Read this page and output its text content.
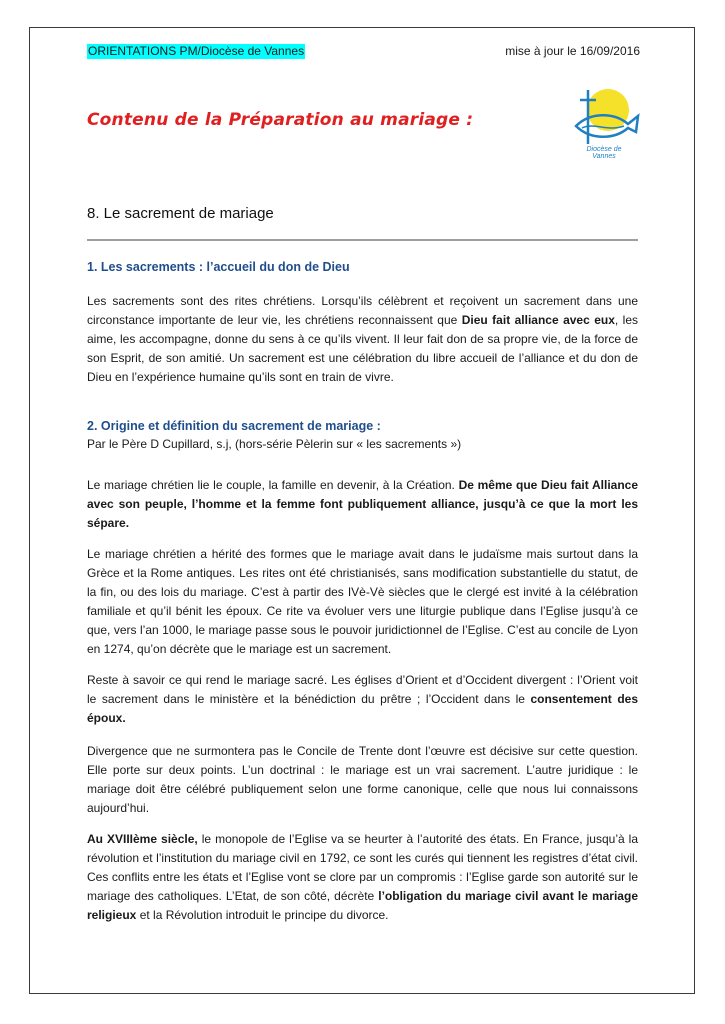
ORIENTATIONS PM/Diocèse de Vannes	mise à jour le 16/09/2016
Contenu de la Préparation au mariage :
Diocèse de Vannes
8. Le sacrement de mariage
1. Les sacrements : l’accueil du don de Dieu

Les sacrements sont des rites chrétiens. Lorsqu’ils célèbrent et reçoivent un sacrement dans une circonstance importante de leur vie, les chrétiens reconnaissent que Dieu fait alliance avec eux, les aime, les accompagne, donne du sens à ce qu’ils vivent. Il leur fait don de sa propre vie, de la force de son Esprit, de son amitié. Un sacrement est une célébration du libre accueil de l’alliance et du don de Dieu en l’expérience humaine qu’ils sont en train de vivre.

2. Origine et définition du sacrement de mariage :

Par le Père D Cupillard, s.j, (hors-série Pèlerin sur « les sacrements »)

Le mariage chrétien lie le couple, la famille en devenir, à la Création. De même que Dieu fait Alliance avec son peuple, l’homme et la femme font publiquement alliance, jusqu’à ce que la mort les sépare.

Le mariage chrétien a hérité des formes que le mariage avait dans le judaïsme mais surtout dans la Grèce et la Rome antiques. Les rites ont été christianisés, sans modification substantielle du statut, de la fin, ou des lois du mariage. C’est à partir des IVè-Vè siècles que le clergé est invité à la célébration familiale et qu’il bénit les époux. Ce rite va évoluer vers une liturgie publique dans l’Eglise jusqu’à ce que, vers l’an 1000, le mariage passe sous le pouvoir juridictionnel de l’Eglise. C’est au concile de Lyon en 1274, qu’on décrète que le mariage est un sacrement.

Reste à savoir ce qui rend le mariage sacré. Les églises d’Orient et d’Occident divergent : l’Orient voit le sacrement dans le ministère et la bénédiction du prêtre ; l’Occident dans le consentement des époux.

Divergence que ne surmontera pas le Concile de Trente dont l’œuvre est décisive sur cette question. Elle porte sur deux points. L’un doctrinal : le mariage est un vrai sacrement. L’autre juridique : le mariage doit être célébré publiquement selon une forme canonique, celle que nous lui connaissons aujourd’hui.

Au XVIIIème siècle, le monopole de l’Eglise va se heurter à l’autorité des états. En France, jusqu’à la révolution et l’institution du mariage civil en 1792, ce sont les curés qui tiennent les registres d’état civil. Ces conflits entre les états et l’Eglise vont se clore par un compromis : l’Eglise garde son autorité sur le mariage des catholiques. L’Etat, de son côté, décrète l’obligation du mariage civil avant le mariage religieux et la Révolution introduit le principe du divorce.
